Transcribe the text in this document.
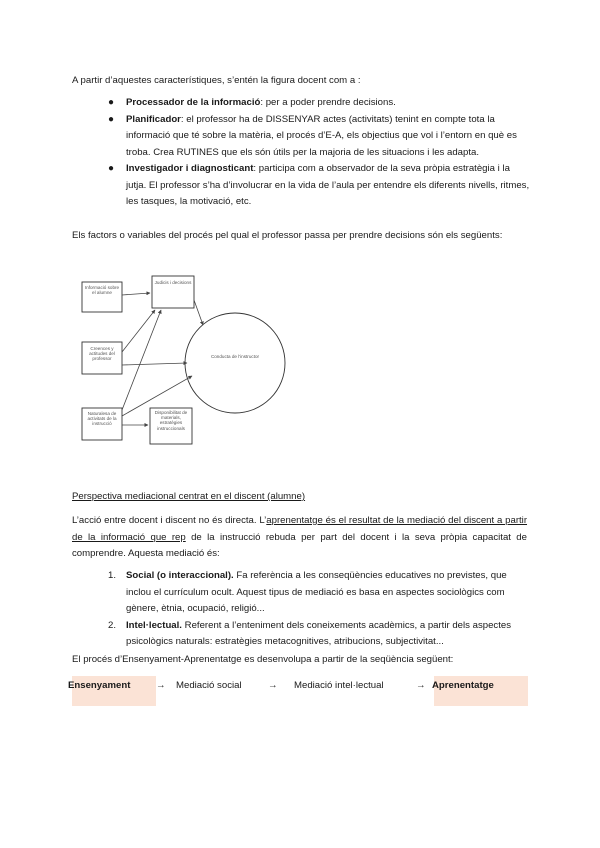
A partir d’aquestes característiques, s’entén la figura docent com a :

● Processador de la informació: per a poder prendre decisions.
● Planificador: el professor ha de DISSENYAR actes (activitats) tenint en compte tota la informació que té sobre la matèria, el procés d’E-A, els objectius que vol i l’entorn en què es troba. Crea RUTINES que els són útils per la majoria de les situacions i les adapta.
● Investigador i diagnosticant: participa com a observador de la seva pròpia estratègia i la jutja. El professor s’ha d’involucrar en la vida de l’aula per entendre els diferents nivells, ritmes, les tasques, la motivació, etc.

Els factors o variables del procés pel qual el professor passa per prendre decisions són els següents:

Informació sobre el alumne
Judicis i decisions
Creences y actitudes del professor
Naturalesa de activitats de la instrucció
Disponibilitat de materials, estratègies instruccionals
Conducta de l'instructor

Perspectiva mediacional centrat en el discent (alumne)

L’acció entre docent i discent no és directa. L’aprenentatge és el resultat de la mediació del discent a partir de la informació que rep de la instrucció rebuda per part del docent i la seva pròpia capacitat de comprendre. Aquesta mediació és:

1. Social (o interaccional). Fa referència a les conseqüències educatives no previstes, que inclou el currículum ocult. Aquest tipus de mediació es basa en aspectes sociològics com gènere, ètnia, ocupació, religió...
2. Intel·lectual. Referent a l’enteniment dels coneixements acadèmics, a partir dels aspectes psicològics naturals: estratègies metacognitives, atribucions, subjectivitat...

El procés d’Ensenyament-Aprenentatge es desenvolupa a partir de la seqüència següent:

Ensenyament	→ Mediació social	→ Mediació intel·lectual	→ Aprenentatge
